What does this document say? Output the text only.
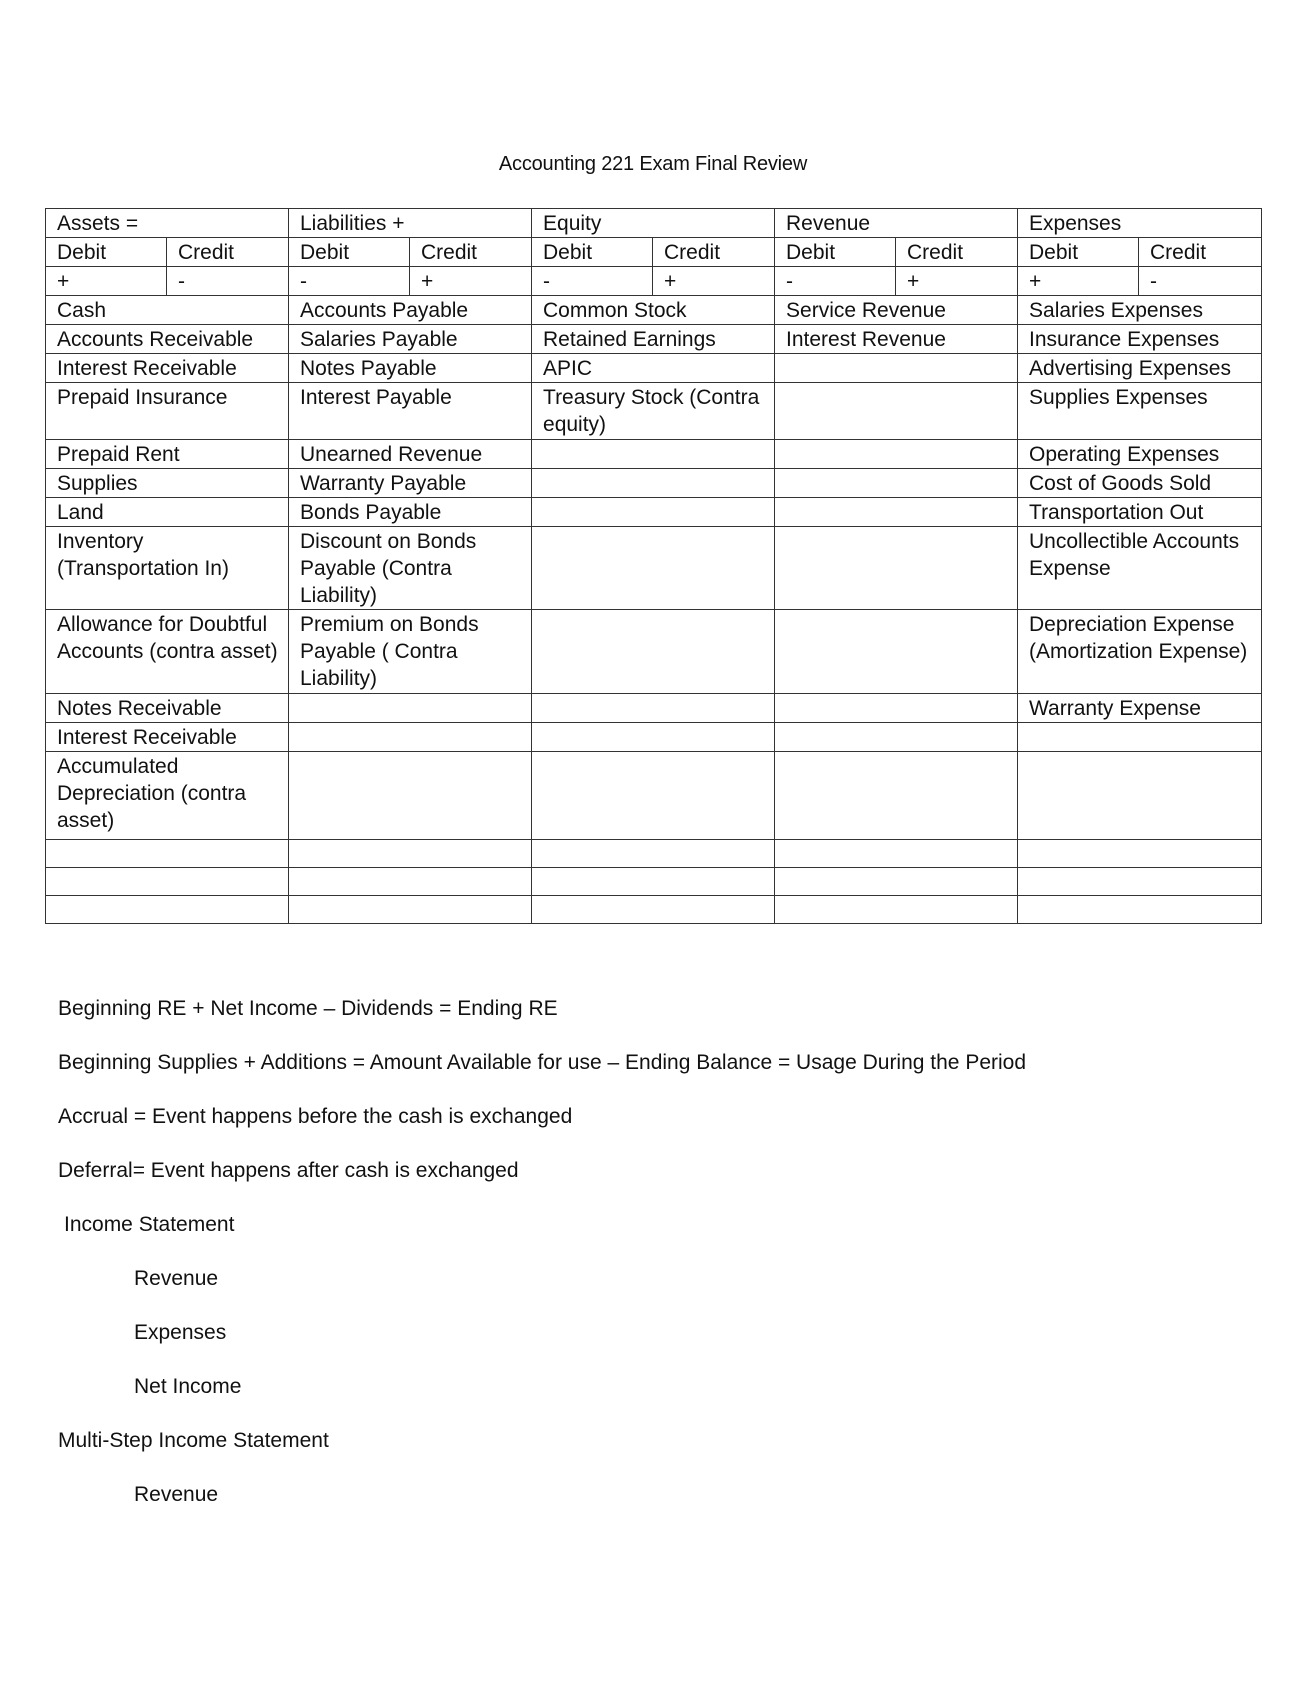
Accounting 221 Exam Final Review
Assets =		Liabilities +		Equity		Revenue		Expenses	
Debit	Credit	Debit	Credit	Debit	Credit	Debit	Credit	Debit	Credit
+	-	-	+	-	+	-	+	+	-
Cash		Accounts Payable		Common Stock		Service Revenue		Salaries Expenses	
Accounts Receivable		Salaries Payable		Retained Earnings		Interest Revenue		Insurance Expenses	
Interest Receivable		Notes Payable		APIC				Advertising Expenses	
Prepaid Insurance		Interest Payable		Treasury Stock (Contra equity)				Supplies Expenses	
Prepaid Rent		Unearned Revenue						Operating Expenses	
Supplies		Warranty Payable						Cost of Goods Sold	
Land		Bonds Payable						Transportation Out	
Inventory (Transportation In)		Discount on Bonds Payable (Contra Liability)						Uncollectible Accounts Expense	
Allowance for Doubtful Accounts (contra asset)		Premium on Bonds Payable ( Contra Liability)						Depreciation Expense (Amortization Expense)	
Notes Receivable								Warranty Expense	
Interest Receivable									
Accumulated Depreciation (contra asset)									

Beginning RE + Net Income – Dividends = Ending RE

Beginning Supplies + Additions = Amount Available for use – Ending Balance = Usage During the Period

Accrual = Event happens before the cash is exchanged

Deferral= Event happens after cash is exchanged

Income Statement

Revenue

Expenses

Net Income

Multi-Step Income Statement

Revenue
